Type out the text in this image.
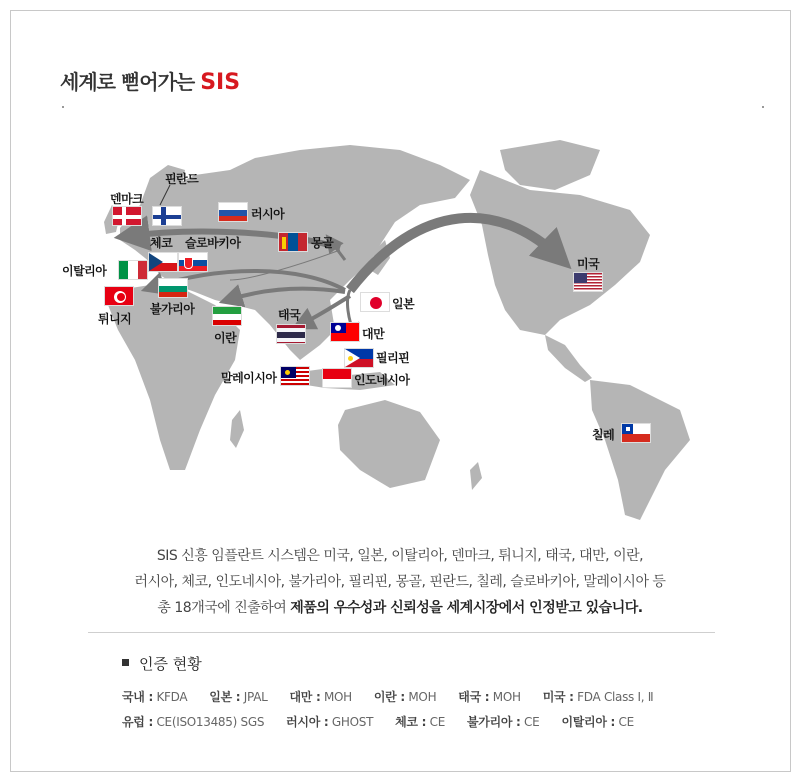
세계로 뻗어가는 SIS
핀란드
덴마크
러시아
몽골
체코 슬로바키아
이탈리아
불가리아
튀니지
이란
태국
일본
대만
필리핀
말레이시아	인도네시아
미국
칠레
SIS 신흥 임플란트 시스템은 미국, 일본, 이탈리아, 덴마크, 튀니지, 태국, 대만, 이란,
러시아, 체코, 인도네시아, 불가리아, 필리핀, 몽골, 핀란드, 칠레, 슬로바키아, 말레이시아 등
총 18개국에 진출하여 제품의 우수성과 신뢰성을 세계시장에서 인정받고 있습니다.
인증 현황
국내 : KFDA 일본 : JPAL 대만 : MOH 이란 : MOH 태국 : MOH 미국 : FDA Class Ⅰ, Ⅱ
유럽 : CE(ISO13485) SGS 러시아 : GHOST 체코 : CE 불가리아 : CE 이탈리아 : CE
